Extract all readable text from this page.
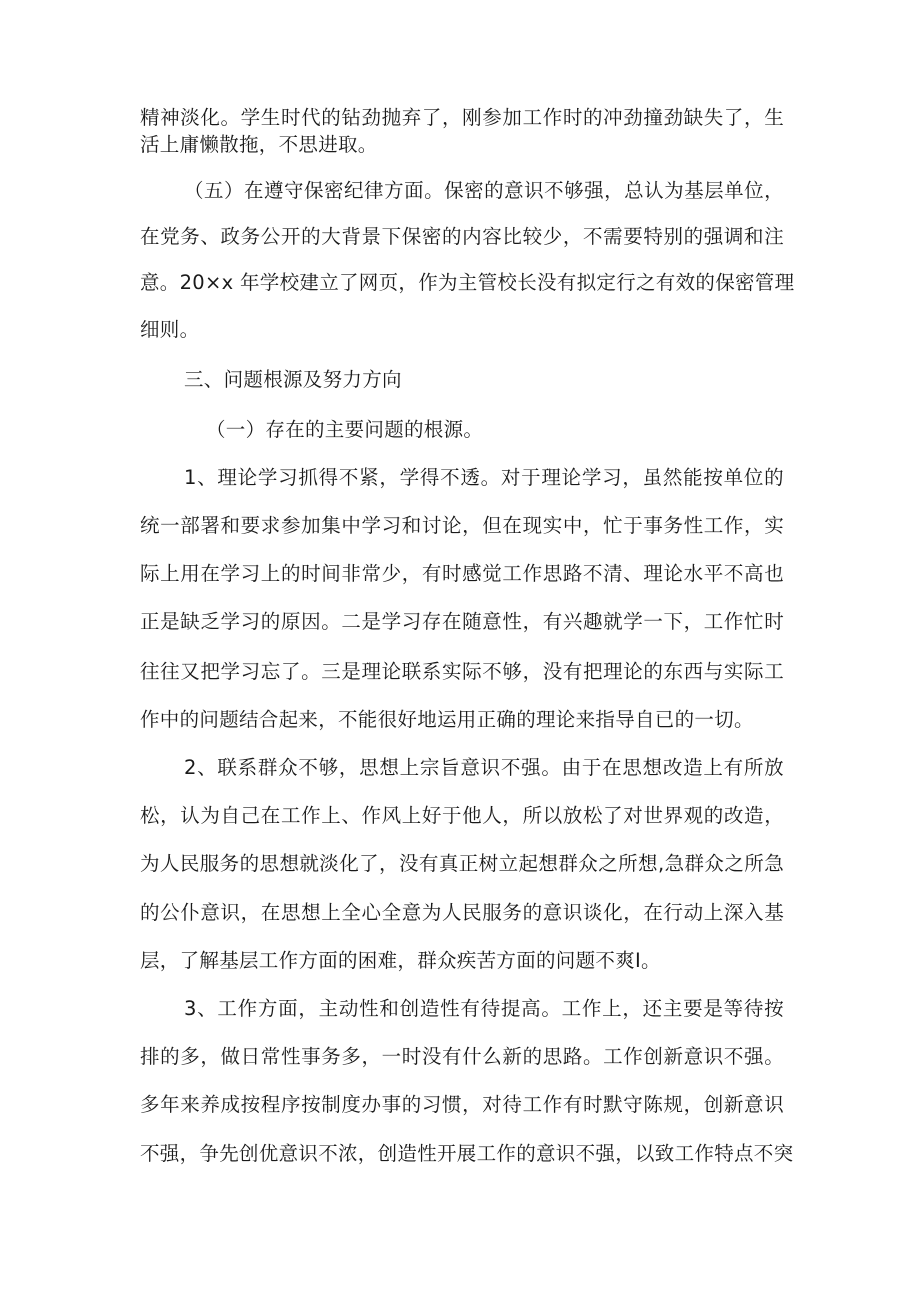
精神淡化。学生时代的钻劲抛弃了，刚参加工作时的冲劲撞劲缺失了，生
活上庸懒散拖，不思进取。
（五）在遵守保密纪律方面。保密的意识不够强，总认为基层单位，
在党务、政务公开的大背景下保密的内容比较少，不需要特别的强调和注
意。20×x 年学校建立了网页，作为主管校长没有拟定行之有效的保密管理
细则。
三、问题根源及努力方向
（一）存在的主要问题的根源。
1、理论学习抓得不紧，学得不透。对于理论学习，虽然能按单位的
统一部署和要求参加集中学习和讨论，但在现实中，忙于事务性工作，实
际上用在学习上的时间非常少，有时感觉工作思路不清、理论水平不高也
正是缺乏学习的原因。二是学习存在随意性，有兴趣就学一下，工作忙时
往往又把学习忘了。三是理论联系实际不够，没有把理论的东西与实际工
作中的问题结合起来，不能很好地运用正确的理论来指导自已的一切。
2、联系群众不够，思想上宗旨意识不强。由于在思想改造上有所放
松，认为自己在工作上、作风上好于他人，所以放松了对世界观的改造，
为人民服务的思想就淡化了，没有真正树立起想群众之所想,急群众之所急
的公仆意识，在思想上全心全意为人民服务的意识谈化，在行动上深入基
层，了解基层工作方面的困难，群众疾苦方面的问题不爽I。
3、工作方面，主动性和创造性有待提高。工作上，还主要是等待按
排的多，做日常性事务多，一时没有什么新的思路。工作创新意识不强。
多年来养成按程序按制度办事的习惯，对待工作有时默守陈规，创新意识
不强，争先创优意识不浓，创造性开展工作的意识不强，以致工作特点不突
